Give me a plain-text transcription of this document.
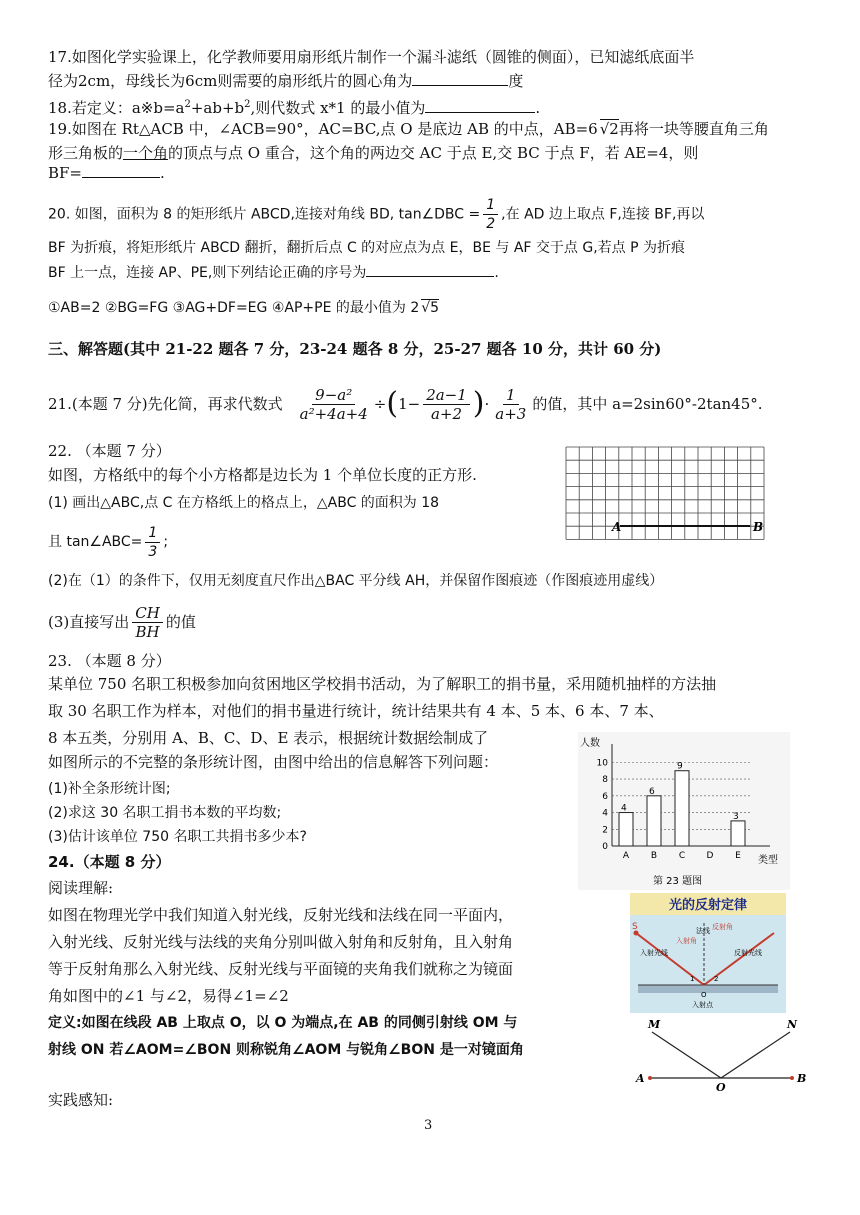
17.如图化学实验课上，化学教师要用扇形纸片制作一个漏斗滤纸（圆锥的侧面），已知滤纸底面半
径为2cm，母线长为6cm则需要的扇形纸片的圆心角为	度
18.若定义：$a※b=a^2+ab+b^2$,则代数式 x*1 的最小值为	.
19.如图在 Rt△ACB 中，∠ACB=90°，AC=BC,点 O 是底边 AB 的中点，AB=6 √2再将一块等腰直角三角
形三角板的一个角的顶点与点 O 重合，这个角的两边交 AC 于点 E,交 BC 于点 F，若 AE=4，则
BF=	.
20. 如图，面积为 8 的矩形纸片 ABCD,连接对角线 BD, tan∠DBC = $\frac{1}{2}$ ,在 AD 边上取点 F,连接 BF,再以
BF 为折痕，将矩形纸片 ABCD 翻折，翻折后点 C 的对应点为点 E，BE 与 AF 交于点 G,若点 P 为折痕
BF 上一点，连接 AP、PE,则下列结论正确的序号为	.
①AB=2 ②BG=FG ③AG+DF=EG ④AP+PE 的最小值为 2 √5
三、解答题(其中 21-22 题各 7 分，23-24 题各 8 分，25-27 题各 10 分，共计 60 分)
21.(本题 7 分)先化简，再求代数式 $\frac{\text{9−a²}}{\text{a²+4a+4}}$ ÷ ( $1- \frac{2a-1}{a+2}$ ) · $\frac{1}{a+3}$ 的值，其中 a=2sin60°-2tan45°.
22. （本题 7 分）
如图，方格纸中的每个小方格都是边长为 1 个单位长度的正方形.
(1) 画出△ABC,点 C 在方格纸上的格点上，△ABC 的面积为 18
且 tan∠ABC= $\frac{1}{3}$ ;
(2)在（1）的条件下，仅用无刻度直尺作出△BAC 平分线 AH，并保留作图痕迹（作图痕迹用虚线）
(3)直接写出 $\frac{CH}{BH}$ 的值
A	B
23. （本题 8 分）
某单位 750 名职工积极参加向贫困地区学校捐书活动，为了解职工的捐书量，采用随机抽样的方法抽
取 30 名职工作为样本，对他们的捐书量进行统计，统计结果共有 4 本、5 本、6 本、7 本、
8 本五类，分别用 A、B、C、D、E 表示，根据统计数据绘制成了
如图所示的不完整的条形统计图，由图中给出的信息解答下列问题：
(1)补全条形统计图;
(2)求这 30 名职工捐书本数的平均数;
(3)估计该单位 750 名职工共捐书多少本?
人数
类型
第 23 题图
0
2
4
6
8
10
4
A
6
B
9
C D
3
E
24.（本题 8 分）
阅读理解:
如图在物理光学中我们知道入射光线，反射光线和法线在同一平面内，
入射光线、反射光线与法线的夹角分别叫做入射角和反射角，且入射角
等于反射角那么入射光线、反射光线与平面镜的夹角我们就称之为镜面
角如图中的∠1 与∠2，易得∠1=∠2
定义:如图在线段 AB 上取点 O，以 O 为端点,在 AB 的同侧引射线 OM 与
射线 ON 若∠AOM=∠BON 则称锐角∠AOM 与锐角∠BON 是一对镜面角
实践感知:
光的反射定律
S
入射光线
法线
入射角
反射角
反射光线
1	2
O
入射点
M	N
A	B
O
3
